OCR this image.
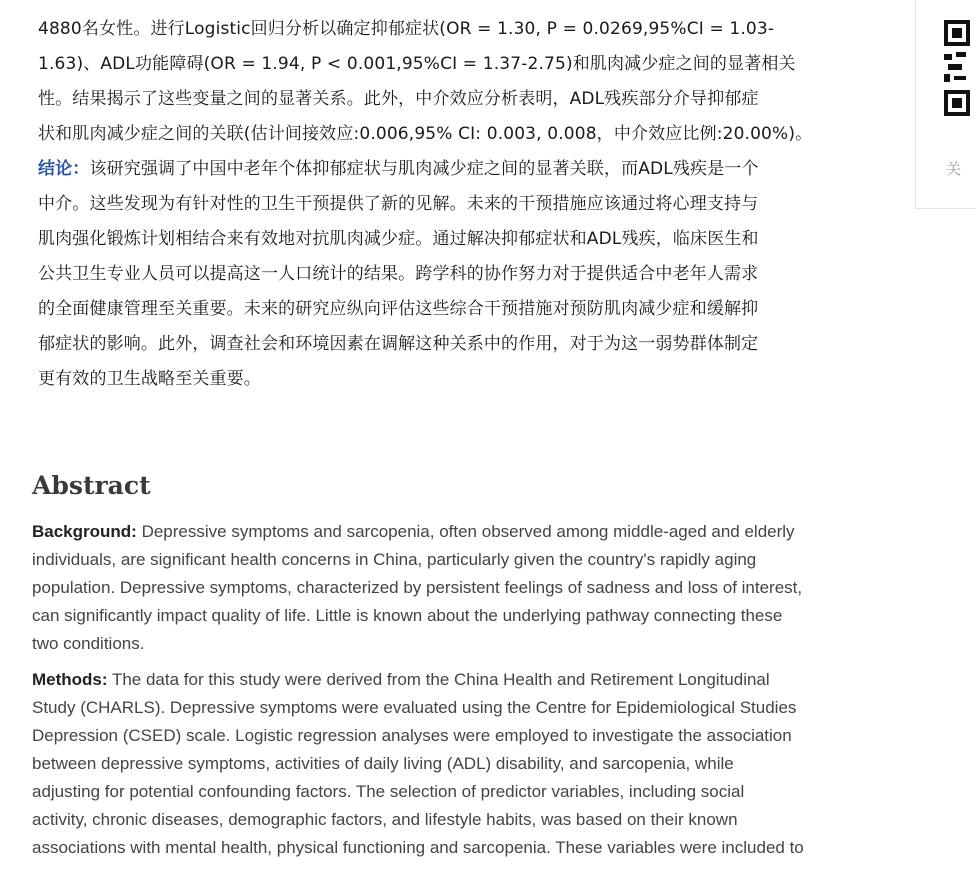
4880名女性。进行Logistic回归分析以确定抑郁症状(OR = 1.30, P = 0.0269,95%CI = 1.03-
1.63)、ADL功能障碍(OR = 1.94, P < 0.001,95%CI = 1.37-2.75)和肌肉减少症之间的显著相关
性。结果揭示了这些变量之间的显著关系。此外，中介效应分析表明，ADL残疾部分介导抑郁症
状和肌肉减少症之间的关联(估计间接效应:0.006,95% CI: 0.003, 0.008，中介效应比例:20.00%)。
结论：该研究强调了中国中老年个体抑郁症状与肌肉减少症之间的显著关联，而ADL残疾是一个
中介。这些发现为有针对性的卫生干预提供了新的见解。未来的干预措施应该通过将心理支持与
肌肉强化锻炼计划相结合来有效地对抗肌肉减少症。通过解决抑郁症状和ADL残疾，临床医生和
公共卫生专业人员可以提高这一人口统计的结果。跨学科的协作努力对于提供适合中老年人需求
的全面健康管理至关重要。未来的研究应纵向评估这些综合干预措施对预防肌肉减少症和缓解抑
郁症状的影响。此外，调查社会和环境因素在调解这种关系中的作用，对于为这一弱势群体制定
更有效的卫生战略至关重要。
Abstract
Background: Depressive symptoms and sarcopenia, often observed among middle-aged and elderly
individuals, are significant health concerns in China, particularly given the country's rapidly aging
population. Depressive symptoms, characterized by persistent feelings of sadness and loss of interest,
can significantly impact quality of life. Little is known about the underlying pathway connecting these
two conditions.
Methods: The data for this study were derived from the China Health and Retirement Longitudinal
Study (CHARLS). Depressive symptoms were evaluated using the Centre for Epidemiological Studies
Depression (CSED) scale. Logistic regression analyses were employed to investigate the association
between depressive symptoms, activities of daily living (ADL) disability, and sarcopenia, while
adjusting for potential confounding factors. The selection of predictor variables, including social
activity, chronic diseases, demographic factors, and lifestyle habits, was based on their known
associations with mental health, physical functioning and sarcopenia. These variables were included to
关
